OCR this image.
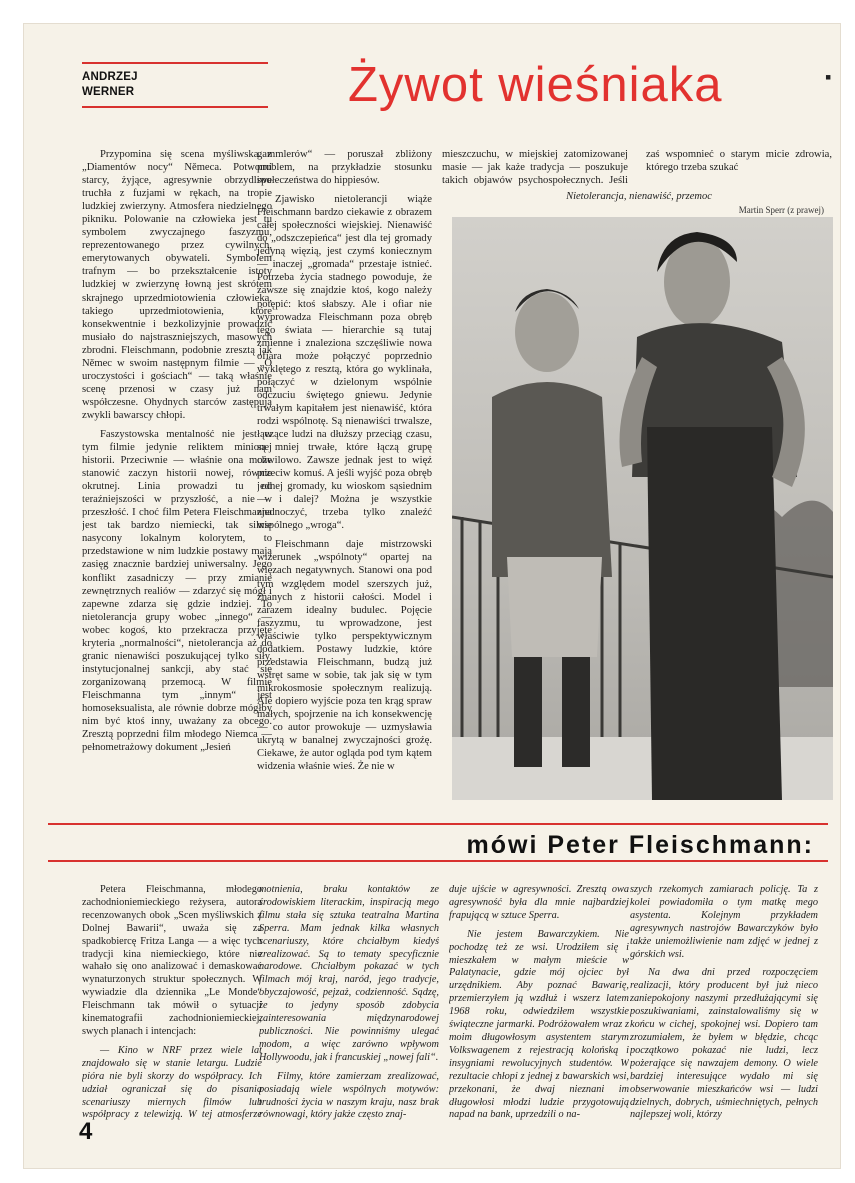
ANDRZEJ
WERNER	Żywot wieśniaka	▪

Przypomina się scena myśliwska z „Diamentów nocy“ Němeca. Potworni starcy, żyjące, agresywnie obrzydliwe truchła z fuzjami w rękach, na tropie ludzkiej zwierzyny. Atmosfera niedzielnego pikniku. Polowanie na człowieka jest tu symbolem zwyczajnego faszyzmu, reprezentowanego przez cywilnych, emerytowanych obywateli. Symbolem trafnym — bo przekształcenie istoty ludzkiej w zwierzynę łowną jest skrótem skrajnego uprzedmiotowienia człowieka, takiego uprzedmiotowienia, które konsekwentnie i bezkolizyjnie prowadzić musiało do najstraszniejszych, masowych zbrodni. Fleischmann, podobnie zresztą jak Němec w swoim następnym filmie — „O uroczystości i gościach“ — taką właśnie scenę przenosi w czasy już nam współczesne. Ohydnych starców zastępują zwykli bawarscy chłopi.

Faszystowska mentalność nie jest w tym filmie jedynie reliktem minionej historii. Przeciwnie — właśnie ona może stanowić zaczyn historii nowej, równie okrutnej. Linia prowadzi tu od teraźniejszości w przyszłość, a nie w przeszłość. I choć film Petera Fleischmanna jest tak bardzo niemiecki, tak silnie nasycony lokalnym kolorytem, to przedstawione w nim ludzkie postawy mają zasięg znacznie bardziej uniwersalny. Jego konflikt zasadniczy — przy zmianie zewnętrznych realiów — zdarzyć się mógł i zapewne zdarza się gdzie indziej. To nietolerancja grupy wobec „innego“ — wobec kogoś, kto przekracza przyjęte kryteria „normalności“, nietolerancja aż do granic nienawiści poszukującej tylko siły, instytucjonalnej sankcji, aby stać się zorganizowaną przemocą. W filmie Fleischmanna tym „innym“ jest homoseksualista, ale równie dobrze mógłby nim być ktoś inny, uważany za obcego. Zresztą poprzedni film młodego Niemca — pełnometrażowy dokument „Jesień

gammlerów“ — poruszał zbliżony problem, na przykładzie stosunku społeczeństwa do hippiesów.

Zjawisko nietolerancji wiąże Fleischmann bardzo ciekawie z obrazem całej społeczności wiejskiej. Nienawiść do „odszczepieńca“ jest dla tej gromady jedyną więzią, jest czymś koniecznym — inaczej „gromada“ przestaje istnieć. Potrzeba życia stadnego powoduje, że zawsze się znajdzie ktoś, kogo należy potępić: ktoś słabszy. Ale i ofiar nie wyprowadza Fleischmann poza obręb tego świata — hierarchie są tutaj zmienne i znaleziona szczęśliwie nowa ofiara może połączyć poprzednio wyklętego z resztą, która go wyklinała, połączyć w dzielonym wspólnie odczuciu świętego gniewu. Jedynie trwałym kapitałem jest nienawiść, która rodzi wspólnotę. Są nienawiści trwalsze, łączące ludzi na dłuższy przeciąg czasu, są mniej trwałe, które łączą grupę chwilowo. Zawsze jednak jest to więź przeciw komuś. A jeśli wyjść poza obręb jednej gromady, ku wioskom sąsiednim — i dalej? Można je wszystkie zjednoczyć, trzeba tylko znaleźć wspólnego „wroga“.

Fleischmann daje mistrzowski wizerunek „wspólnoty“ opartej na więzach negatywnych. Stanowi ona pod tym względem model szerszych już, znanych z historii całości. Model i zarazem idealny budulec. Pojęcie faszyzmu, tu wprowadzone, jest właściwie tylko perspektywicznym dodatkiem. Postawy ludzkie, które przedstawia Fleischmann, budzą już wstręt same w sobie, tak jak się w tym mikrokosmosie społecznym realizują. Ale dopiero wyjście poza ten krąg spraw małych, spojrzenie na ich konsekwencję — co autor prowokuje — uzmysławia ukrytą w banalnej zwyczajności groźę. Ciekawe, że autor ogląda pod tym kątem widzenia właśnie wieś. Że nie w

mieszczuchu, w miejskiej zatomizowanej masie — jak każe tradycja — poszukuje takich objawów psychospołecznych. Jeśli zaś wspomnieć o starym micie zdrowia, którego trzeba szukać

Nietolerancja, nienawiść, przemoc
Martin Sperr (z prawej)
mówi Peter Fleischmann:

Petera Fleischmanna, młodego zachodnioniemieckiego reżysera, autora recenzowanych obok „Scen myśliwskich z Dolnej Bawarii“, uważa się za spadkobiercę Fritza Langa — a więc tych tradycji kina niemieckiego, które nie wahało się ono analizować i demaskować wynaturzonych struktur społecznych. W wywiadzie dla dziennika „Le Monde“ Fleischmann tak mówił o sytuacji kinematografii zachodnioniemieckiej, swych planach i intencjach:

— Kino w NRF przez wiele lat znajdowało się w stanie letargu. Ludzie pióra nie byli skorzy do współpracy. Ich udział ograniczał się do pisania scenariuszy miernych filmów lub współpracy z telewizją. W tej atmosferze

motnienia, braku kontaktów ze środowiskiem literackim, inspiracją mego filmu stała się sztuka teatralna Martina Sperra. Mam jednak kilka własnych scenariuszy, które chciałbym kiedyś zrealizować. Są to tematy specyficznie narodowe. Chciałbym pokazać w tych filmach mój kraj, naród, jego tradycje, obyczajowość, pejzaż, codzienność. Sądzę, że to jedyny sposób zdobycia zainteresowania międzynarodowej publiczności. Nie powinniśmy ulegać modom, a więc zarówno wpływom Hollywoodu, jak i francuskiej „nowej fali“.

Filmy, które zamierzam zrealizować, posiadają wiele wspólnych motywów: trudności życia w naszym kraju, nasz brak równowagi, który jakże często znaj-

duje ujście w agresywności. Zresztą owa agresywność była dla mnie najbardziej frapującą w sztuce Sperra.

Nie jestem Bawarczykiem. Nie pochodzę też ze wsi. Urodziłem się i mieszkałem w małym mieście w Palatynacie, gdzie mój ojciec był urzędnikiem. Aby poznać Bawarię, przemierzyłem ją wzdłuż i wszerz latem 1968 roku, odwiedziłem wszystkie świąteczne jarmarki. Podróżowałem wraz z moim długowłosym asystentem starym Volkswagenem z rejestracją kolońską i insygniami rewolucyjnych studentów. W rezultacie chłopi z jednej z bawarskich wsi, przekonani, że dwaj nieznani im długowłosi młodzi ludzie przygotowują napad na bank, uprzedzili o na-

szych rzekomych zamiarach policję. Ta z kolei powiadomiła o tym matkę mego asystenta. Kolejnym przykładem agresywnych nastrojów Bawarczyków było także uniemożliwienie nam zdjęć w jednej z górskich wsi.

Na dwa dni przed rozpoczęciem realizacji, który producent był już nieco zaniepokojony naszymi przedłużającymi się poszukiwaniami, zainstalowaliśmy się w końcu w cichej, spokojnej wsi. Dopiero tam zrozumiałem, że byłem w błędzie, chcąc początkowo pokazać nie ludzi, lecz pożerające się nawzajem demony. O wiele bardziej interesujące wydało mi się obserwowanie mieszkańców wsi — ludzi dzielnych, dobrych, uśmiechniętych, pełnych najlepszej woli, którzy

4
